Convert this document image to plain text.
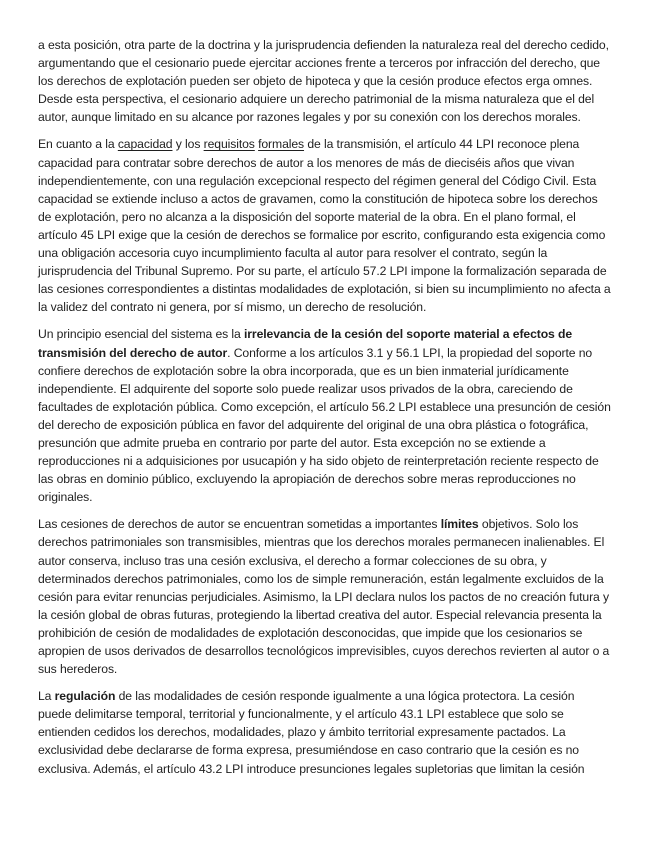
a esta posición, otra parte de la doctrina y la jurisprudencia defienden la naturaleza real del derecho cedido, argumentando que el cesionario puede ejercitar acciones frente a terceros por infracción del derecho, que los derechos de explotación pueden ser objeto de hipoteca y que la cesión produce efectos erga omnes. Desde esta perspectiva, el cesionario adquiere un derecho patrimonial de la misma naturaleza que el del autor, aunque limitado en su alcance por razones legales y por su conexión con los derechos morales.

En cuanto a la capacidad y los requisitos formales de la transmisión, el artículo 44 LPI reconoce plena capacidad para contratar sobre derechos de autor a los menores de más de dieciséis años que vivan independientemente, con una regulación excepcional respecto del régimen general del Código Civil. Esta capacidad se extiende incluso a actos de gravamen, como la constitución de hipoteca sobre los derechos de explotación, pero no alcanza a la disposición del soporte material de la obra. En el plano formal, el artículo 45 LPI exige que la cesión de derechos se formalice por escrito, configurando esta exigencia como una obligación accesoria cuyo incumplimiento faculta al autor para resolver el contrato, según la jurisprudencia del Tribunal Supremo. Por su parte, el artículo 57.2 LPI impone la formalización separada de las cesiones correspondientes a distintas modalidades de explotación, si bien su incumplimiento no afecta a la validez del contrato ni genera, por sí mismo, un derecho de resolución.

Un principio esencial del sistema es la irrelevancia de la cesión del soporte material a efectos de transmisión del derecho de autor. Conforme a los artículos 3.1 y 56.1 LPI, la propiedad del soporte no confiere derechos de explotación sobre la obra incorporada, que es un bien inmaterial jurídicamente independiente. El adquirente del soporte solo puede realizar usos privados de la obra, careciendo de facultades de explotación pública. Como excepción, el artículo 56.2 LPI establece una presunción de cesión del derecho de exposición pública en favor del adquirente del original de una obra plástica o fotográfica, presunción que admite prueba en contrario por parte del autor. Esta excepción no se extiende a reproducciones ni a adquisiciones por usucapión y ha sido objeto de reinterpretación reciente respecto de las obras en dominio público, excluyendo la apropiación de derechos sobre meras reproducciones no originales.

Las cesiones de derechos de autor se encuentran sometidas a importantes límites objetivos. Solo los derechos patrimoniales son transmisibles, mientras que los derechos morales permanecen inalienables. El autor conserva, incluso tras una cesión exclusiva, el derecho a formar colecciones de su obra, y determinados derechos patrimoniales, como los de simple remuneración, están legalmente excluidos de la cesión para evitar renuncias perjudiciales. Asimismo, la LPI declara nulos los pactos de no creación futura y la cesión global de obras futuras, protegiendo la libertad creativa del autor. Especial relevancia presenta la prohibición de cesión de modalidades de explotación desconocidas, que impide que los cesionarios se apropien de usos derivados de desarrollos tecnológicos imprevisibles, cuyos derechos revierten al autor o a sus herederos.

La regulación de las modalidades de cesión responde igualmente a una lógica protectora. La cesión puede delimitarse temporal, territorial y funcionalmente, y el artículo 43.1 LPI establece que solo se entienden cedidos los derechos, modalidades, plazo y ámbito territorial expresamente pactados. La exclusividad debe declararse de forma expresa, presumiéndose en caso contrario que la cesión es no exclusiva. Además, el artículo 43.2 LPI introduce presunciones legales supletorias que limitan la cesión
